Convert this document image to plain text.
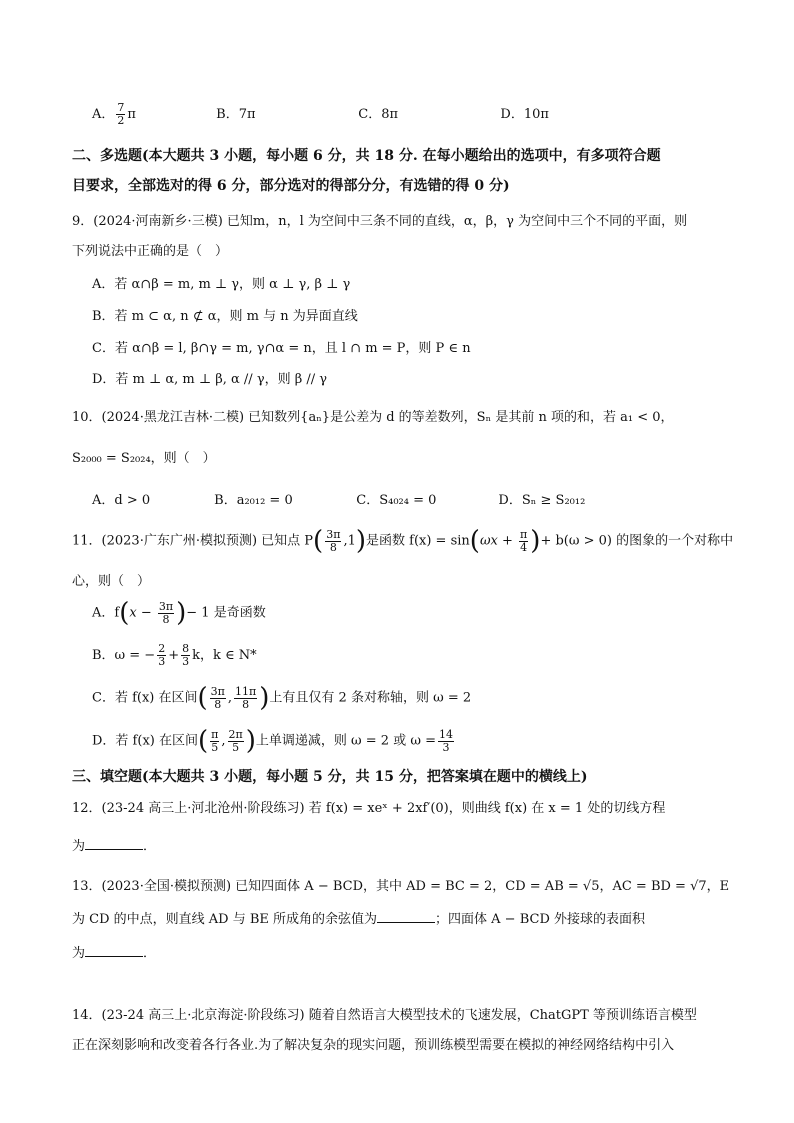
A． $\frac{7}{2}$ π	B．7π	C．8π	D．10π
二、多选题(本大题共 3 小题，每小题 6 分，共 18 分. 在每小题给出的选项中，有多项符合题
目要求，全部选对的得 6 分，部分选对的得部分分，有选错的得 0 分)
9．(2024·河南新乡·三模) 已知m，n，l 为空间中三条不同的直线，α，β，γ 为空间中三个不同的平面，则
下列说法中正确的是（　）
A．若 α∩β = m, m ⊥ γ，则 α ⊥ γ, β ⊥ γ
B．若 m ⊂ α, n ⊄ α，则 m 与 n 为异面直线
C．若 α∩β = l, β∩γ = m, γ∩α = n，且 l ∩ m = P，则 P ∈ n
D．若 m ⊥ α, m ⊥ β, α // γ，则 β // γ
10．(2024·黑龙江吉林·二模) 已知数列{aₙ}是公差为 d 的等差数列，Sₙ 是其前 n 项的和，若 a₁ < 0，
S₂₀₀₀ = S₂₀₂₄，则（　）
A．d > 0	B．a₂₀₁₂ = 0	C．S₄₀₂₄ = 0	D．Sₙ ≥ S₂₀₁₂
11．(2023·广东广州·模拟预测) 已知点 $P( \frac{3\pi}{8} ,1)$是函数 $f(x) = \sin(\omega x + \frac{\pi}{4}$ )+ b(ω > 0) 的图象的一个对称中
心，则（　）
A．$f(x - \frac{3\pi}{8}$ )− 1 是奇函数
B．ω = − $\frac{2}{3} + \frac{8}{3}$ k，k ∈ N*
C．若 f(x) 在区间( $\frac{3\pi}{8}$ , $\frac{11\pi}{8}$ )上有且仅有 2 条对称轴，则 ω = 2
D．若 f(x) 在区间( $\frac{\pi}{5}$ , $\frac{2\pi}{5}$ )上单调递减，则 ω = 2 或 $\omega = \frac{14}{3}$
三、填空题(本大题共 3 小题，每小题 5 分，共 15 分，把答案填在题中的横线上)
12．(23-24 高三上·河北沧州·阶段练习) 若 f(x) = xeˣ + 2xf′(0)，则曲线 f(x) 在 x = 1 处的切线方程
为	．
13．(2023·全国·模拟预测) 已知四面体 A − BCD，其中 AD = BC = 2，CD = AB = √5，AC = BD = √7，E
为 CD 的中点，则直线 AD 与 BE 所成角的余弦值为	；四面体 A − BCD 外接球的表面积
为	．
14．(23-24 高三上·北京海淀·阶段练习) 随着自然语言大模型技术的飞速发展，ChatGPT 等预训练语言模型
正在深刻影响和改变着各行各业.为了解决复杂的现实问题，预训练模型需要在模拟的神经网络结构中引入
